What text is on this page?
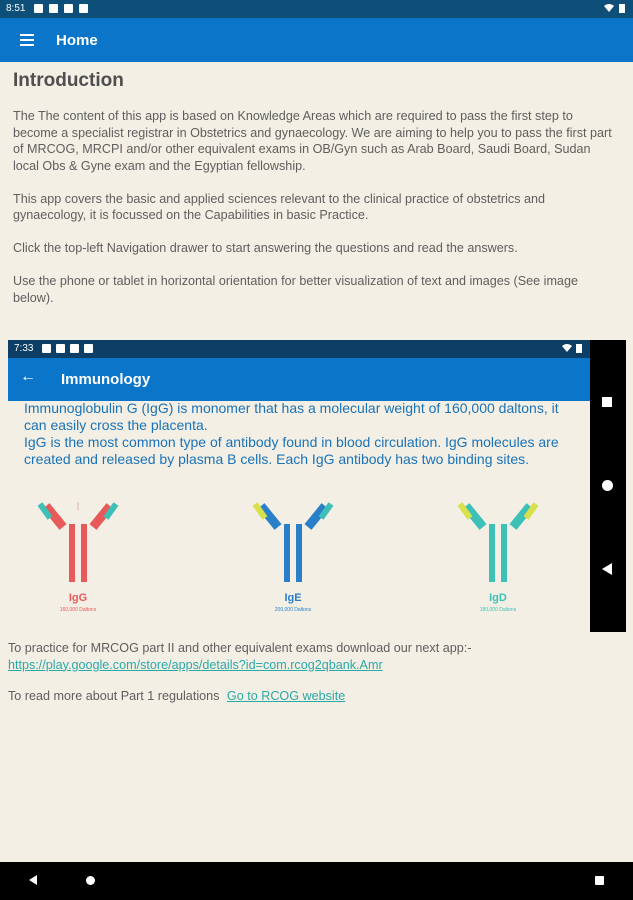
8:51
Home
Introduction

The The content of this app is based on Knowledge Areas which are required to pass the first step to become a specialist registrar in Obstetrics and gynaecology. We are aiming to help you to pass the first part of MRCOG, MRCPI and/or other equivalent exams in OB/Gyn such as Arab Board, Saudi Board, Sudan local Obs & Gyne exam and the Egyptian fellowship.

This app covers the basic and applied sciences relevant to the clinical practice of obstetrics and gynaecology, it is focussed on the Capabilities in basic Practice.

Click the top-left Navigation drawer to start answering the questions and read the answers.

Use the phone or tablet in horizontal orientation for better visualization of text and images (See image below).

7:33
← Immunology

Immunoglobulin G (IgG) is monomer that has a molecular weight of 160,000 daltons, it can easily cross the placenta.

IgG is the most common type of antibody found in blood circulation. IgG molecules are created and released by plasma B cells. Each IgG antibody has two binding sites.

IgG
160,000 Daltons
IgE
200,000 Daltons
IgD
180,000 Daltons

To practice for MRCOG part II and other equivalent exams download our next app:-

https://play.google.com/store/apps/details?id=com.rcog2qbank.Amr

To read more about Part 1 regulations Go to RCOG website
